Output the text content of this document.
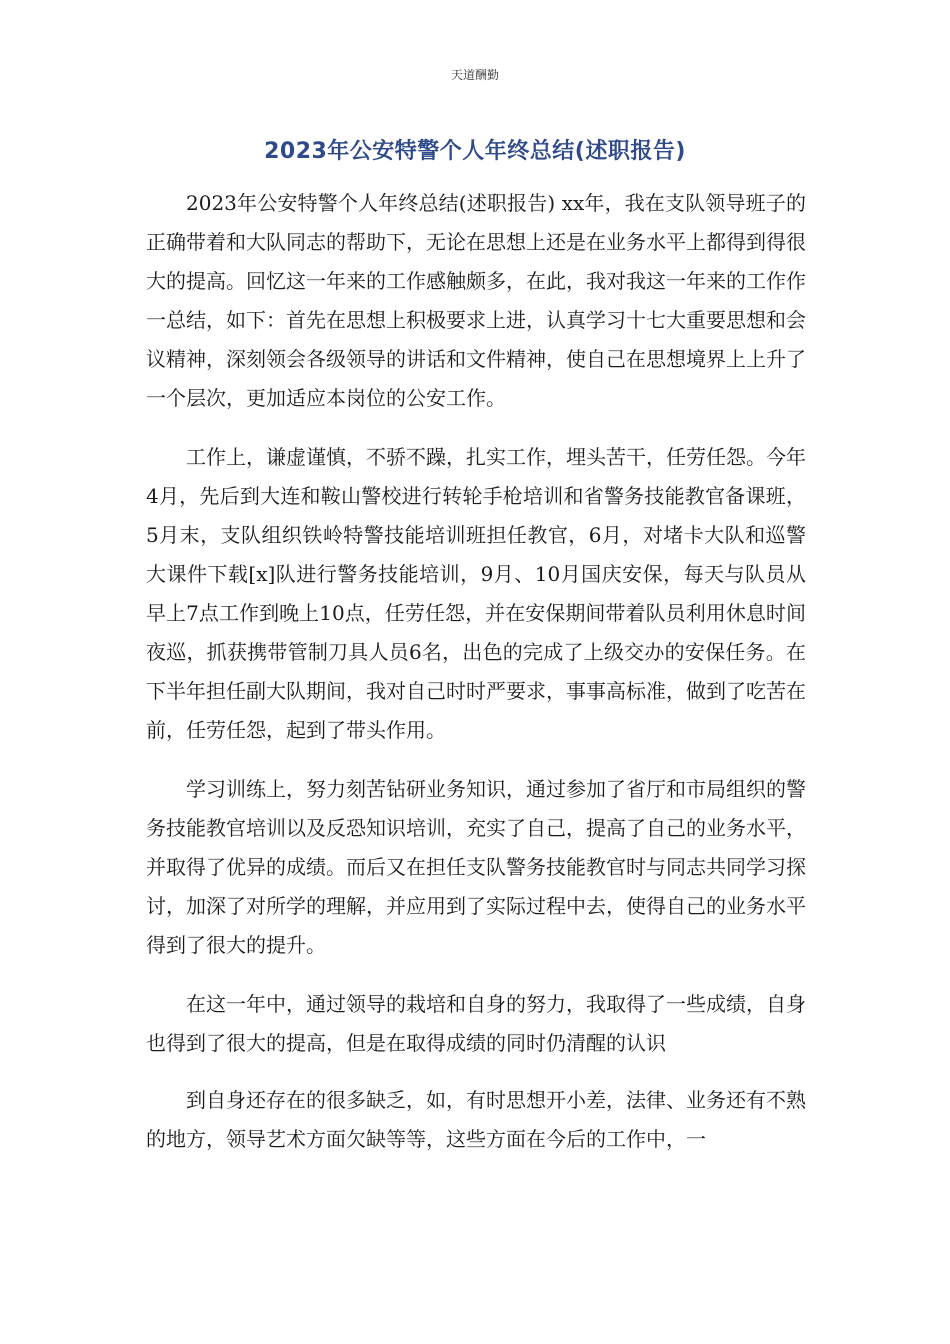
天道酬勤
2023年公安特警个人年终总结(述职报告)

2023年公安特警个人年终总结(述职报告) xx年，我在支队领导班子的正确带着和大队同志的帮助下，无论在思想上还是在业务水平上都得到得很大的提高。回忆这一年来的工作感触颇多，在此，我对我这一年来的工作作一总结，如下：首先在思想上积极要求上进，认真学习十七大重要思想和会议精神，深刻领会各级领导的讲话和文件精神，使自己在思想境界上上升了一个层次，更加适应本岗位的公安工作。

工作上，谦虚谨慎，不骄不躁，扎实工作，埋头苦干，任劳任怨。今年4月，先后到大连和鞍山警校进行转轮手枪培训和省警务技能教官备课班，5月末，支队组织铁岭特警技能培训班担任教官，6月，对堵卡大队和巡警大课件下载[x]队进行警务技能培训，9月、10月国庆安保，每天与队员从早上7点工作到晚上10点，任劳任怨，并在安保期间带着队员利用休息时间夜巡，抓获携带管制刀具人员6名，出色的完成了上级交办的安保任务。在下半年担任副大队期间，我对自己时时严要求，事事高标准，做到了吃苦在前，任劳任怨，起到了带头作用。

学习训练上，努力刻苦钻研业务知识，通过参加了省厅和市局组织的警务技能教官培训以及反恐知识培训，充实了自己，提高了自己的业务水平，并取得了优异的成绩。而后又在担任支队警务技能教官时与同志共同学习探讨，加深了对所学的理解，并应用到了实际过程中去，使得自己的业务水平得到了很大的提升。

在这一年中，通过领导的栽培和自身的努力，我取得了一些成绩，自身也得到了很大的提高，但是在取得成绩的同时仍清醒的认识

到自身还存在的很多缺乏，如，有时思想开小差，法律、业务还有不熟的地方，领导艺术方面欠缺等等，这些方面在今后的工作中，一
